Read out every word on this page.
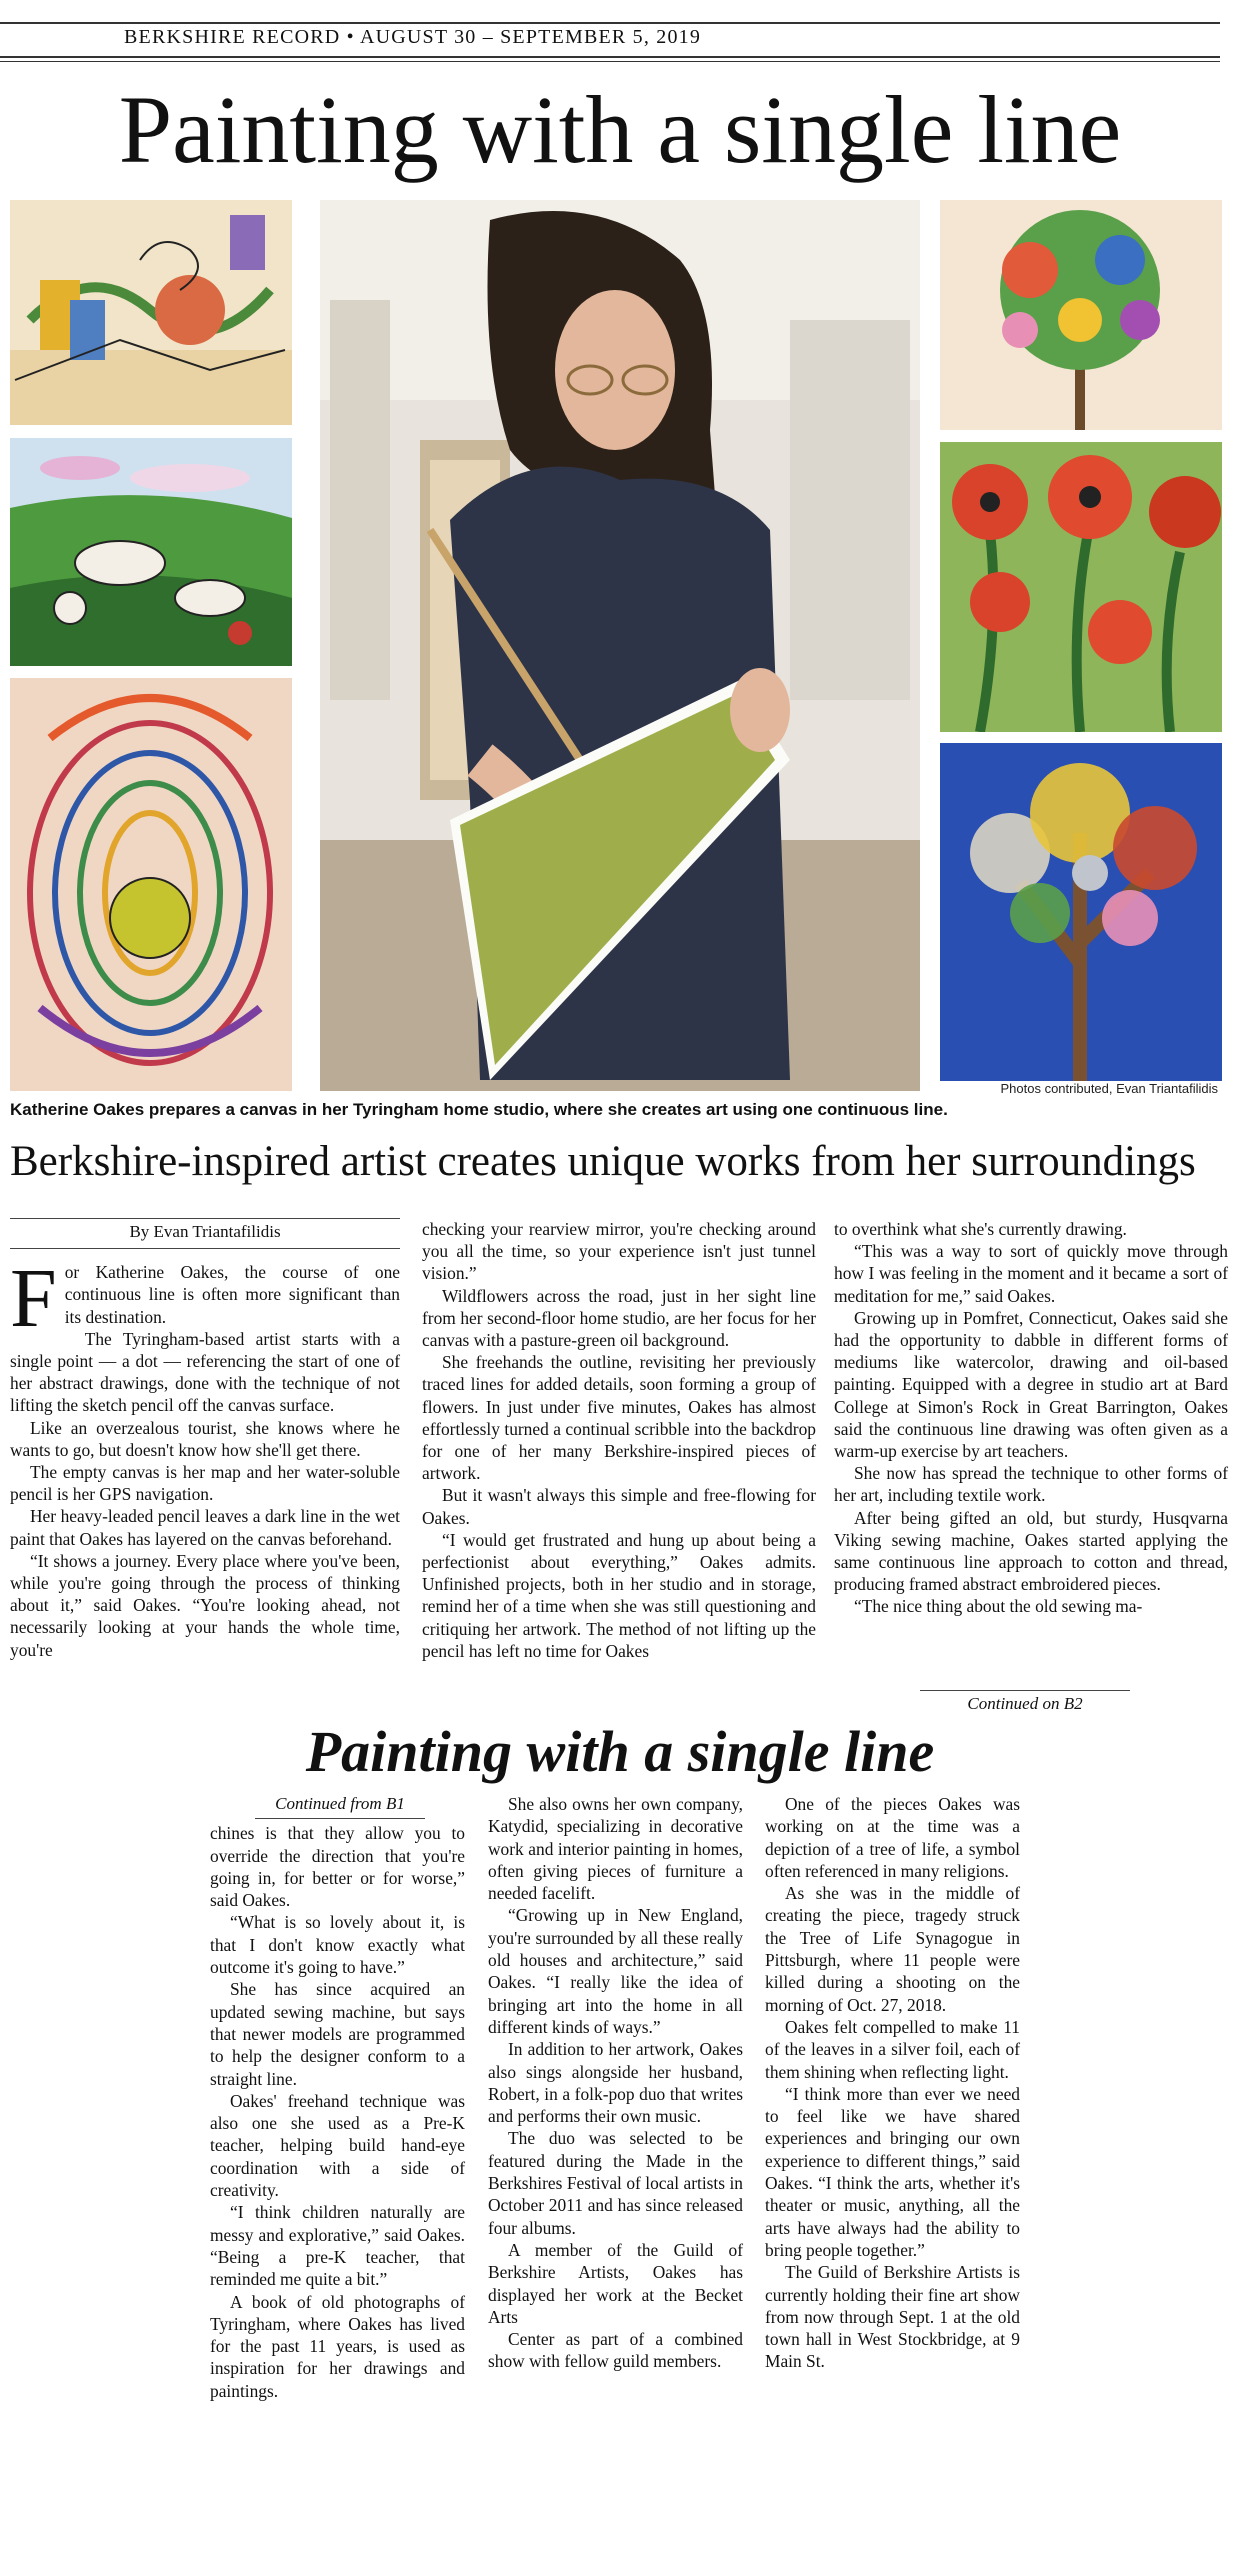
BERKSHIRE RECORD • AUGUST 30 – SEPTEMBER 5, 2019
Painting with a single line
Photos contributed, Evan Triantafilidis
Katherine Oakes prepares a canvas in her Tyringham home studio, where she creates art using one continuous line.
Berkshire-inspired artist creates unique works from her surroundings
By Evan Triantafilidis
F or Katherine Oakes, the course of one continuous line is often more significant than its destination.

The Tyringham-based artist starts with a single point — a dot — referencing the start of one of her abstract drawings, done with the technique of not lifting the sketch pencil off the canvas surface.

Like an overzealous tourist, she knows where he wants to go, but doesn't know how she'll get there.

The empty canvas is her map and her water-soluble pencil is her GPS navigation.

Her heavy-leaded pencil leaves a dark line in the wet paint that Oakes has layered on the canvas beforehand.

“It shows a journey. Every place where you've been, while you're going through the process of thinking about it,” said Oakes. “You're looking ahead, not necessarily looking at your hands the whole time, you're

checking your rearview mirror, you're checking around you all the time, so your experience isn't just tunnel vision.”

Wildflowers across the road, just in her sight line from her second-floor home studio, are her focus for her canvas with a pasture-green oil background.

She freehands the outline, revisiting her previously traced lines for added details, soon forming a group of flowers. In just under five minutes, Oakes has almost effortlessly turned a continual scribble into the backdrop for one of her many Berkshire-inspired pieces of artwork.

But it wasn't always this simple and free-flowing for Oakes.

“I would get frustrated and hung up about being a perfectionist about everything,” Oakes admits. Unfinished projects, both in her studio and in storage, remind her of a time when she was still questioning and critiquing her artwork. The method of not lifting up the pencil has left no time for Oakes

to overthink what she's currently drawing.

“This was a way to sort of quickly move through how I was feeling in the moment and it became a sort of meditation for me,” said Oakes.

Growing up in Pomfret, Connecticut, Oakes said she had the opportunity to dabble in different forms of mediums like watercolor, drawing and oil-based painting. Equipped with a degree in studio art at Bard College at Simon's Rock in Great Barrington, Oakes said the continuous line drawing was often given as a warm-up exercise by art teachers.

She now has spread the technique to other forms of her art, including textile work.

After being gifted an old, but sturdy, Husqvarna Viking sewing machine, Oakes started applying the same continuous line approach to cotton and thread, producing framed abstract embroidered pieces.

“The nice thing about the old sewing ma-

Continued on B2
Painting with a single line
Continued from B1

chines is that they allow you to override the direction that you're going in, for better or for worse,” said Oakes.

“What is so lovely about it, is that I don't know exactly what outcome it's going to have.”

She has since acquired an updated sewing machine, but says that newer models are programmed to help the designer conform to a straight line.

Oakes' freehand technique was also one she used as a Pre-K teacher, helping build hand-eye coordination with a side of creativity.

“I think children naturally are messy and explorative,” said Oakes. “Being a pre-K teacher, that reminded me quite a bit.”

A book of old photographs of Tyringham, where Oakes has lived for the past 11 years, is used as inspiration for her drawings and paintings.

She also owns her own company, Katydid, specializing in decorative work and interior painting in homes, often giving pieces of furniture a needed facelift.

“Growing up in New England, you're surrounded by all these really old houses and architecture,” said Oakes. “I really like the idea of bringing art into the home in all different kinds of ways.”

In addition to her artwork, Oakes also sings alongside her husband, Robert, in a folk-pop duo that writes and performs their own music.

The duo was selected to be featured during the Made in the Berkshires Festival of local artists in October 2011 and has since released four albums.

A member of the Guild of Berkshire Artists, Oakes has displayed her work at the Becket Arts

Center as part of a combined show with fellow guild members.

One of the pieces Oakes was working on at the time was a depiction of a tree of life, a symbol often referenced in many religions.

As she was in the middle of creating the piece, tragedy struck the Tree of Life Synagogue in Pittsburgh, where 11 people were killed during a shooting on the morning of Oct. 27, 2018.

Oakes felt compelled to make 11 of the leaves in a silver foil, each of them shining when reflecting light.

“I think more than ever we need to feel like we have shared experiences and bringing our own experience to different things,” said Oakes. “I think the arts, whether it's theater or music, anything, all the arts have always had the ability to bring people together.”

The Guild of Berkshire Artists is currently holding their fine art show from now through Sept. 1 at the old town hall in West Stockbridge, at 9 Main St.
